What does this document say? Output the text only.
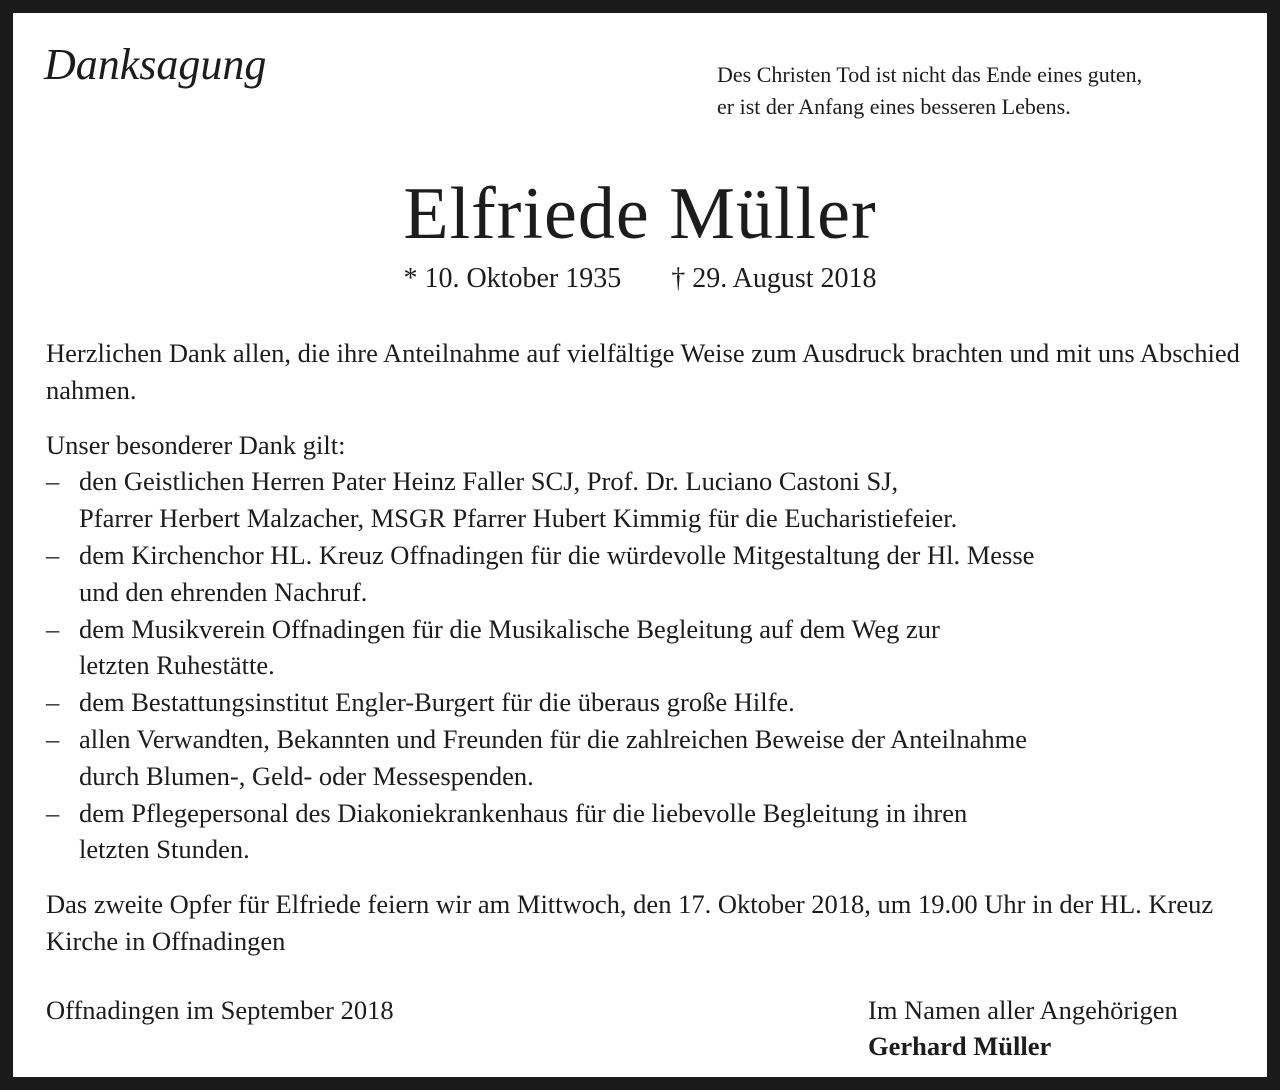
Danksagung	Des Christen Tod ist nicht das Ende eines guten,
er ist der Anfang eines besseren Lebens.
Elfriede Müller
* 10. Oktober 1935 † 29. August 2018

Herzlichen Dank allen, die ihre Anteilnahme auf vielfältige Weise zum Ausdruck brachten und mit uns Abschied nahmen.

Unser besonderer Dank gilt:

– den Geistlichen Herren Pater Heinz Faller SCJ, Prof. Dr. Luciano Castoni SJ,
Pfarrer Herbert Malzacher, MSGR Pfarrer Hubert Kimmig für die Eucharistiefeier.
– dem Kirchenchor HL. Kreuz Offnadingen für die würdevolle Mitgestaltung der Hl. Messe
und den ehrenden Nachruf.
– dem Musikverein Offnadingen für die Musikalische Begleitung auf dem Weg zur
letzten Ruhestätte.
– dem Bestattungsinstitut Engler-Burgert für die überaus große Hilfe.
– allen Verwandten, Bekannten und Freunden für die zahlreichen Beweise der Anteilnahme
durch Blumen-, Geld- oder Messespenden.
– dem Pflegepersonal des Diakoniekrankenhaus für die liebevolle Begleitung in ihren
letzten Stunden.

Das zweite Opfer für Elfriede feiern wir am Mittwoch, den 17. Oktober 2018, um 19.00 Uhr in der HL. Kreuz Kirche in Offnadingen

Offnadingen im September 2018	Im Namen aller Angehörigen
Gerhard Müller
